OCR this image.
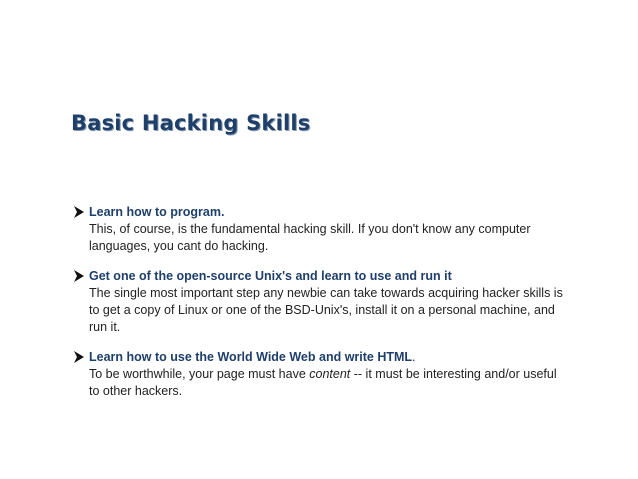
Basic Hacking Skills
Learn how to program.
This, of course, is the fundamental hacking skill. If you don't know any computer languages, you cant do hacking.
Get one of the open-source Unix's and learn to use and run it
The single most important step any newbie can take towards acquiring hacker skills is to get a copy of Linux or one of the BSD-Unix's, install it on a personal machine, and run it.
Learn how to use the World Wide Web and write HTML.
To be worthwhile, your page must have content -- it must be interesting and/or useful to other hackers.
